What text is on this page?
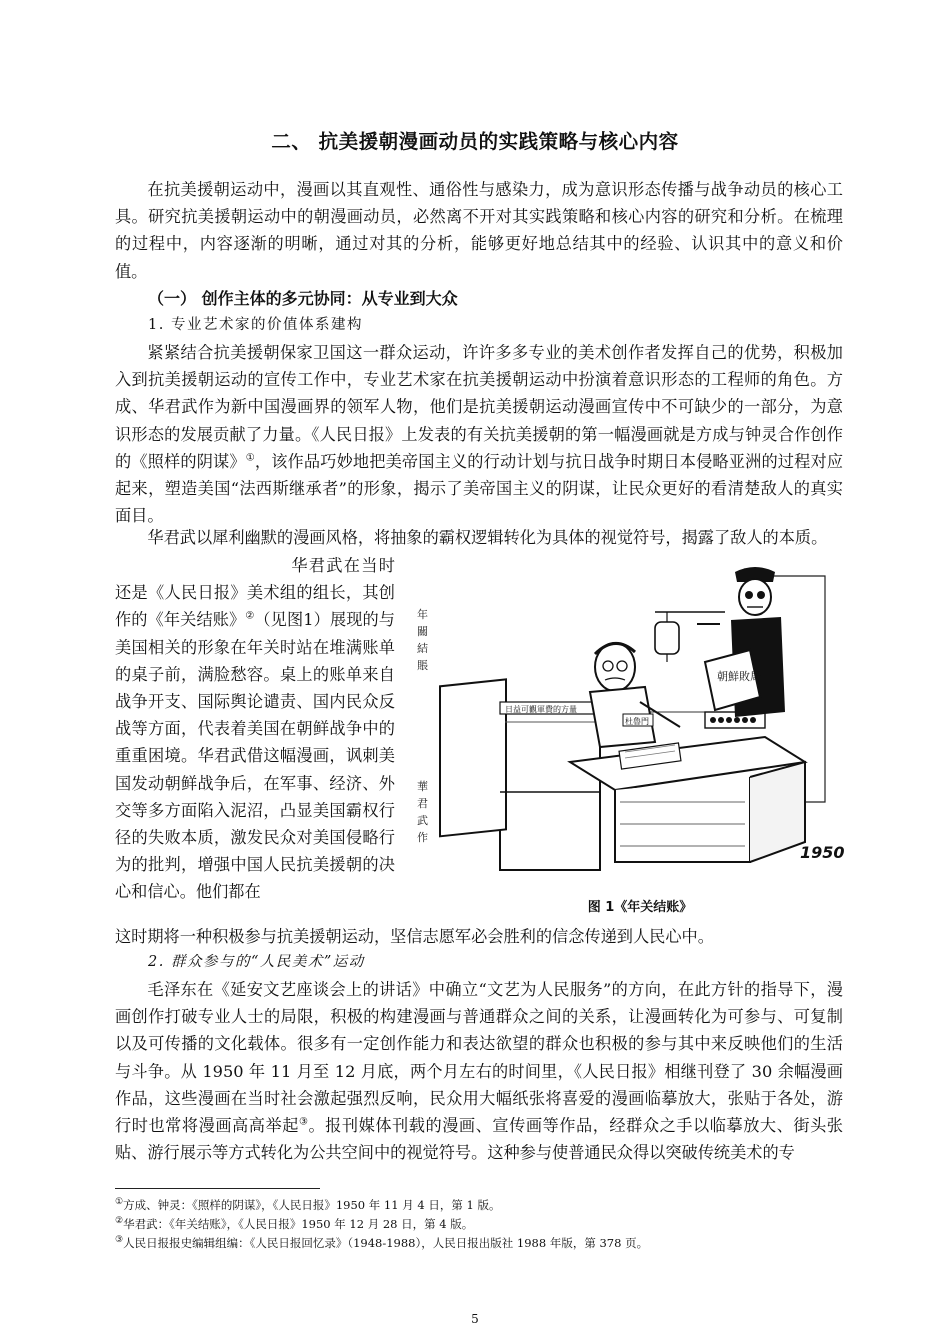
二、 抗美援朝漫画动员的实践策略与核心内容

在抗美援朝运动中，漫画以其直观性、通俗性与感染力，成为意识形态传播与战争动员的核心工具。研究抗美援朝运动中的朝漫画动员，必然离不开对其实践策略和核心内容的研究和分析。在梳理的过程中，内容逐渐的明晰，通过对其的分析，能够更好地总结其中的经验、认识其中的意义和价值。

（一） 创作主体的多元协同：从专业到大众
1. 专业艺术家的价值体系建构

紧紧结合抗美援朝保家卫国这一群众运动，许许多多专业的美术创作者发挥自己的优势，积极加入到抗美援朝运动的宣传工作中，专业艺术家在抗美援朝运动中扮演着意识形态的工程师的角色。方成、华君武作为新中国漫画界的领军人物，他们是抗美援朝运动漫画宣传中不可缺少的一部分，为意识形态的发展贡献了力量。《人民日报》上发表的有关抗美援朝的第一幅漫画就是方成与钟灵合作创作的《照样的阴谋》①，该作品巧妙地把美帝国主义的行动计划与抗日战争时期日本侵略亚洲的过程对应起来，塑造美国“法西斯继承者”的形象，揭示了美帝国主义的阴谋，让民众更好的看清楚敌人的真实面目。

华君武以犀利幽默的漫画风格，将抽象的霸权逻辑转化为具体的视觉符号，揭露了敌人的本质。

华君武在当时还是《人民日报》美术组的组长，其创作的《年关结账》②（见图1）展现的与美国相关的形象在年关时站在堆满账单的桌子前，满脸愁容。桌上的账单来自战争开支、国际舆论谴责、国内民众反战等方面，代表着美国在朝鲜战争中的重重困境。华君武借这幅漫画，讽刺美国发动朝鲜战争后，在军事、经济、外交等多方面陷入泥沼，凸显美国霸权行径的失败本质，激发民众对美国侵略行为的批判，增强中国人民抗美援朝的决心和信心。他们都在

年關結賬
華君武作
日益可觀軍費的方量
杜魯門
朝鮮敗局
1950
图 1《年关结账》

这时期将一种积极参与抗美援朝运动，坚信志愿军必会胜利的信念传递到人民心中。

2. 群众参与的“人民美术”运动

毛泽东在《延安文艺座谈会上的讲话》中确立“文艺为人民服务”的方向，在此方针的指导下，漫画创作打破专业人士的局限，积极的构建漫画与普通群众之间的关系，让漫画转化为可参与、可复制以及可传播的文化载体。很多有一定创作能力和表达欲望的群众也积极的参与其中来反映他们的生活与斗争。从 1950 年 11 月至 12 月底，两个月左右的时间里，《人民日报》相继刊登了 30 余幅漫画作品，这些漫画在当时社会激起强烈反响，民众用大幅纸张将喜爱的漫画临摹放大，张贴于各处，游行时也常将漫画高高举起③。报刊媒体刊载的漫画、宣传画等作品，经群众之手以临摹放大、街头张贴、游行展示等方式转化为公共空间中的视觉符号。这种参与使普通民众得以突破传统美术的专

①方成、钟灵：《照样的阴谋》，《人民日报》1950 年 11 月 4 日，第 1 版。
②华君武：《年关结账》，《人民日报》1950 年 12 月 28 日，第 4 版。
③人民日报报史编辑组编：《人民日报回忆录》（1948-1988），人民日报出版社 1988 年版，第 378 页。
5
